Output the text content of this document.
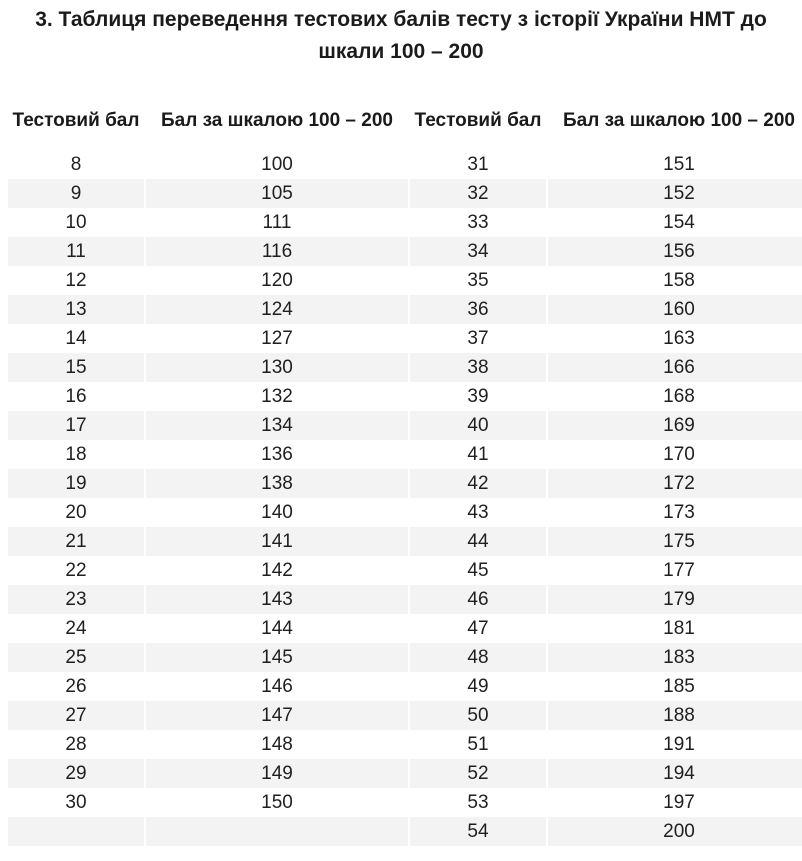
3. Таблиця переведення тестових балів тесту з історії України НМТ до шкали 100 – 200
Тестовий бал	Бал за шкалою 100 – 200	Тестовий бал	Бал за шкалою 100 – 200
8	100	31	151
9	105	32	152
10	111	33	154
11	116	34	156
12	120	35	158
13	124	36	160
14	127	37	163
15	130	38	166
16	132	39	168
17	134	40	169
18	136	41	170
19	138	42	172
20	140	43	173
21	141	44	175
22	142	45	177
23	143	46	179
24	144	47	181
25	145	48	183
26	146	49	185
27	147	50	188
28	148	51	191
29	149	52	194
30	150	53	197
		54	200
